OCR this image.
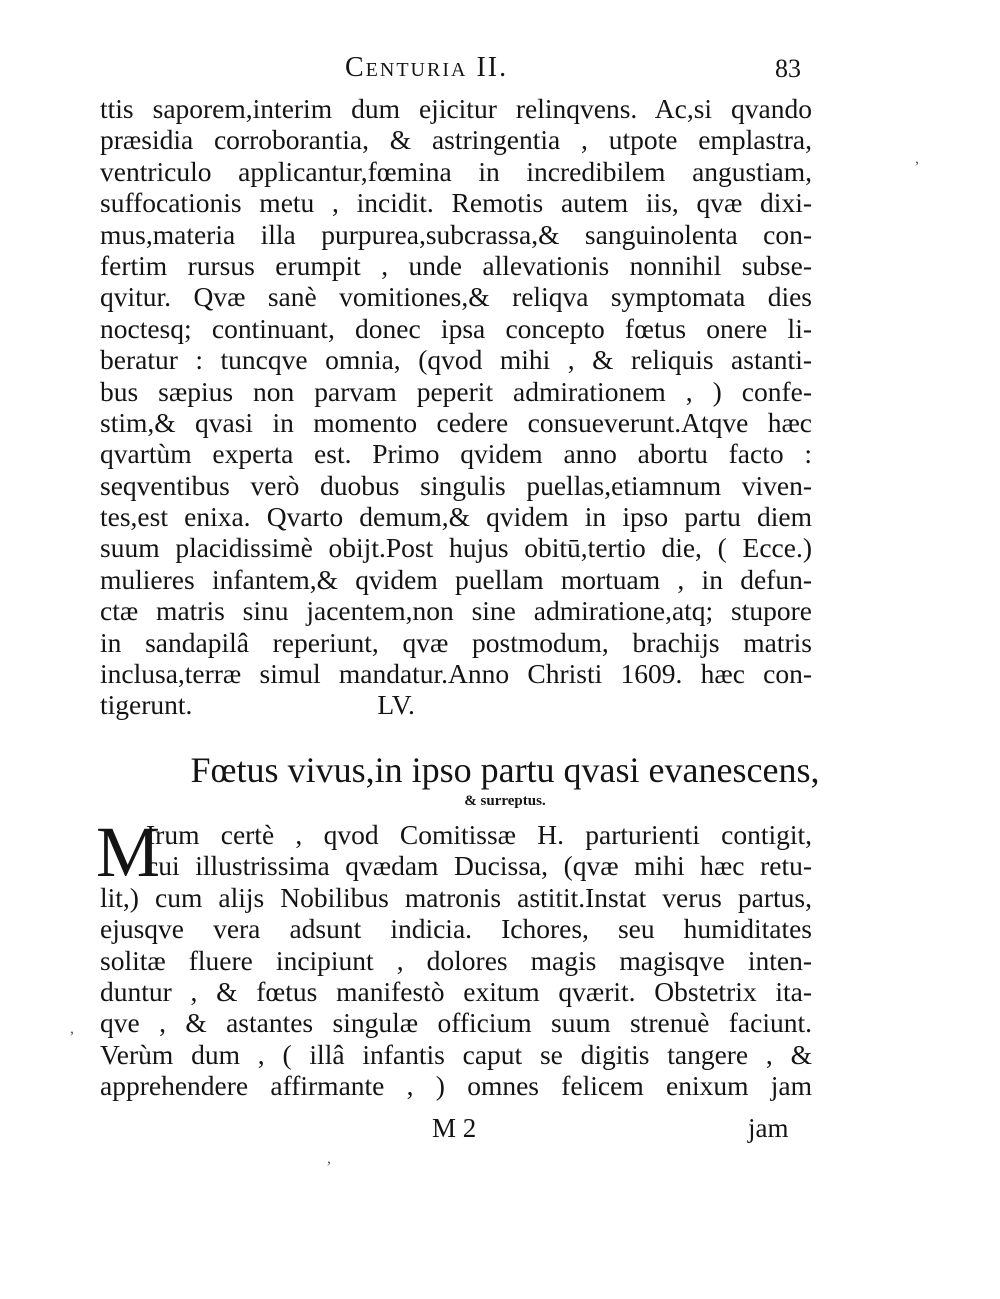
Centuria II.	83
ttis saporem,interim dum ejicitur relinqvens. Ac,si qvando
præsidia corroborantia, & astringentia , utpote emplastra,
ventriculo applicantur,fœmina in incredibilem angustiam,
suffocationis metu , incidit. Remotis autem iis, qvæ dixi-
mus,materia illa purpurea,subcrassa,& sanguinolenta con-
fertim rursus erumpit , unde allevationis nonnihil subse-
qvitur. Qvæ sanè vomitiones,& reliqva symptomata dies
noctesq; continuant, donec ipsa concepto fœtus onere li-
beratur : tuncqve omnia, (qvod mihi , & reliquis astanti-
bus sæpius non parvam peperit admirationem , ) confe-
stim,& qvasi in momento cedere consueverunt.Atqve hæc
qvartùm experta est. Primo qvidem anno abortu facto :
seqventibus verò duobus singulis puellas,etiamnum viven-
tes,est enixa. Qvarto demum,& qvidem in ipso partu diem
suum placidissimè obijt.Post hujus obitū,tertio die, ( Ecce.)
mulieres infantem,& qvidem puellam mortuam , in defun-
ctæ matris sinu jacentem,non sine admiratione,atq; stupore
in sandapilâ reperiunt, qvæ postmodum, brachijs matris
inclusa,terræ simul mandatur.Anno Christi 1609. hæc con-
tigerunt.	LV.
Fœtus vivus,in ipso partu qvasi evanescens,
& surreptus.
M
Irum certè , qvod Comitissæ H. parturienti contigit,
cui illustrissima qvædam Ducissa, (qvæ mihi hæc retu-
lit,) cum alijs Nobilibus matronis astitit.Instat verus partus,
ejusqve vera adsunt indicia. Ichores, seu humiditates
solitæ fluere incipiunt , dolores magis magisqve inten-
duntur , & fœtus manifestò exitum qværit. Obstetrix ita-
qve , & astantes singulæ officium suum strenuè faciunt.
Verùm dum , ( illâ infantis caput se digitis tangere , &
apprehendere affirmante , ) omnes felicem enixum jam
M 2	jam
,
,
,
